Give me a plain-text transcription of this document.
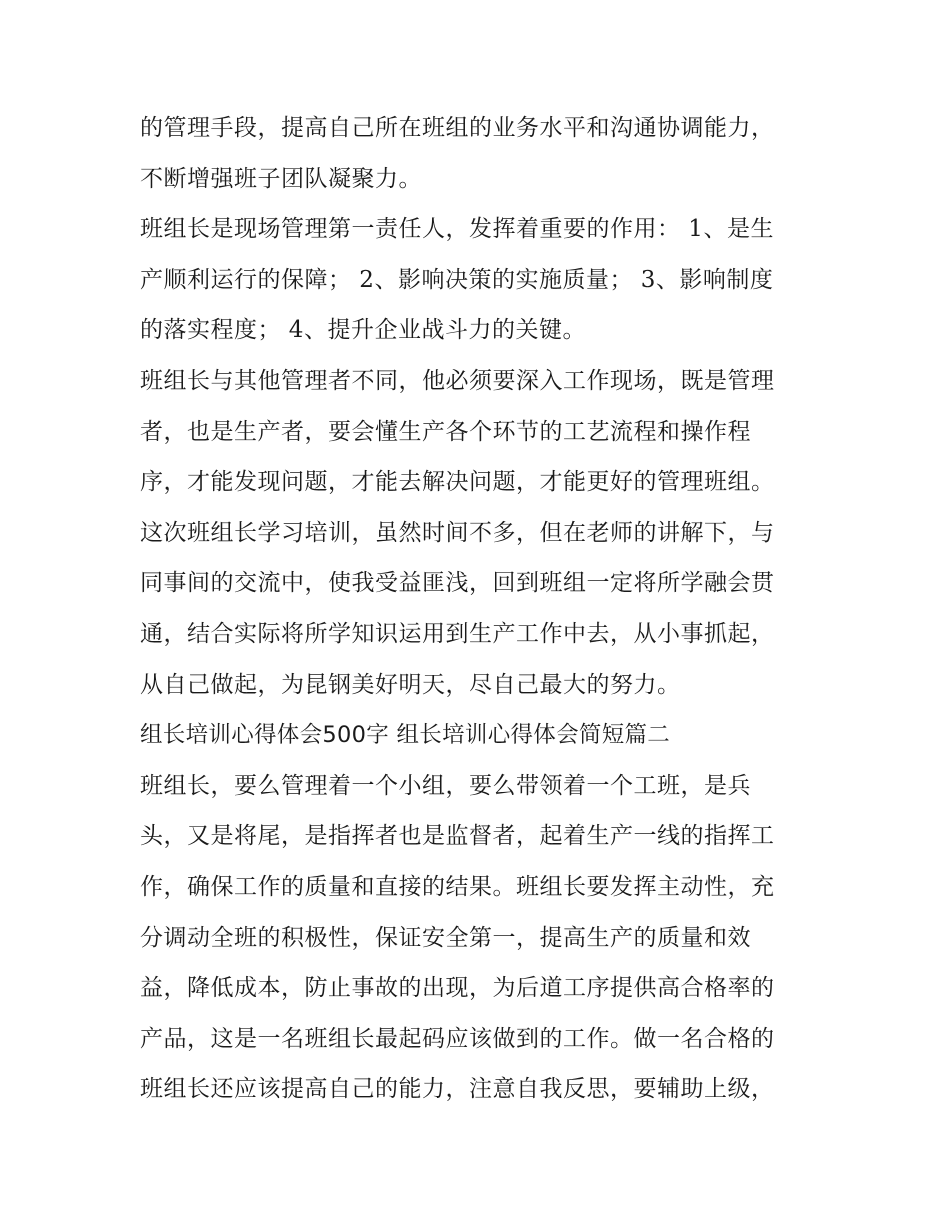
的管理手段，提高自己所在班组的业务水平和沟通协调能力，
不断增强班子团队凝聚力。
班组长是现场管理第一责任人，发挥着重要的作用： 1、是生
产顺利运行的保障； 2、影响决策的实施质量； 3、影响制度
的落实程度； 4、提升企业战斗力的关键。
班组长与其他管理者不同，他必须要深入工作现场，既是管理
者，也是生产者，要会懂生产各个环节的工艺流程和操作程
序，才能发现问题，才能去解决问题，才能更好的管理班组。
这次班组长学习培训，虽然时间不多，但在老师的讲解下，与
同事间的交流中，使我受益匪浅，回到班组一定将所学融会贯
通，结合实际将所学知识运用到生产工作中去，从小事抓起，
从自己做起，为昆钢美好明天，尽自己最大的努力。
组长培训心得体会500字 组长培训心得体会简短篇二
班组长，要么管理着一个小组，要么带领着一个工班，是兵
头，又是将尾，是指挥者也是监督者，起着生产一线的指挥工
作，确保工作的质量和直接的结果。班组长要发挥主动性，充
分调动全班的积极性，保证安全第一，提高生产的质量和效
益，降低成本，防止事故的出现，为后道工序提供高合格率的
产品，这是一名班组长最起码应该做到的工作。做一名合格的
班组长还应该提高自己的能力，注意自我反思，要辅助上级，
